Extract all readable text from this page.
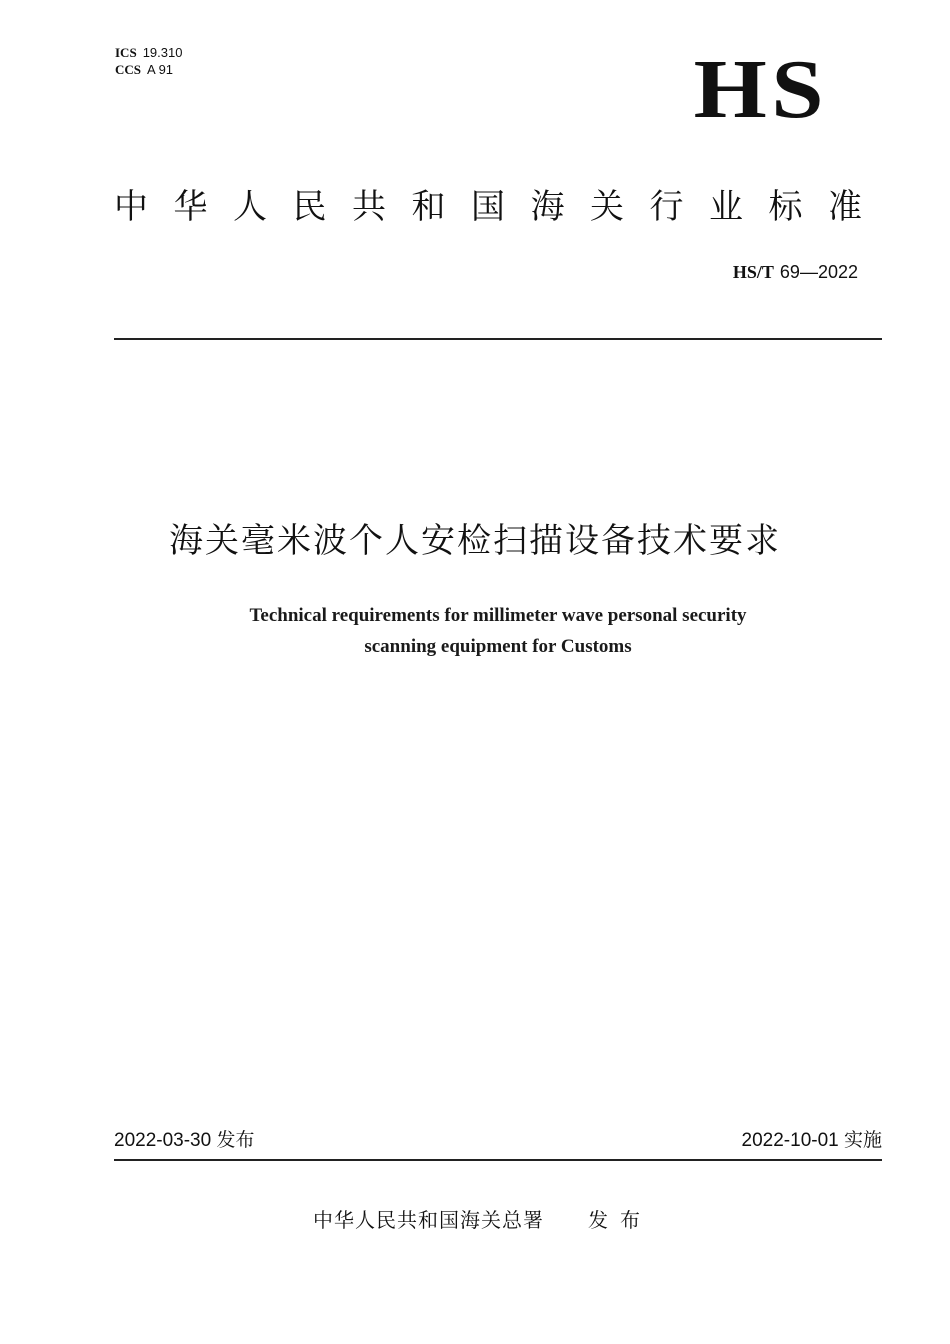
ICS 19.310
CCS A 91	HS
中华人民共和国海关行业标准
HS/T 69—2022
海关毫米波个人安检扫描设备技术要求
Technical requirements for millimeter wave personal security
scanning equipment for Customs
2022-03-30 发布	2022-10-01 实施
中华人民共和国海关总署 发布
